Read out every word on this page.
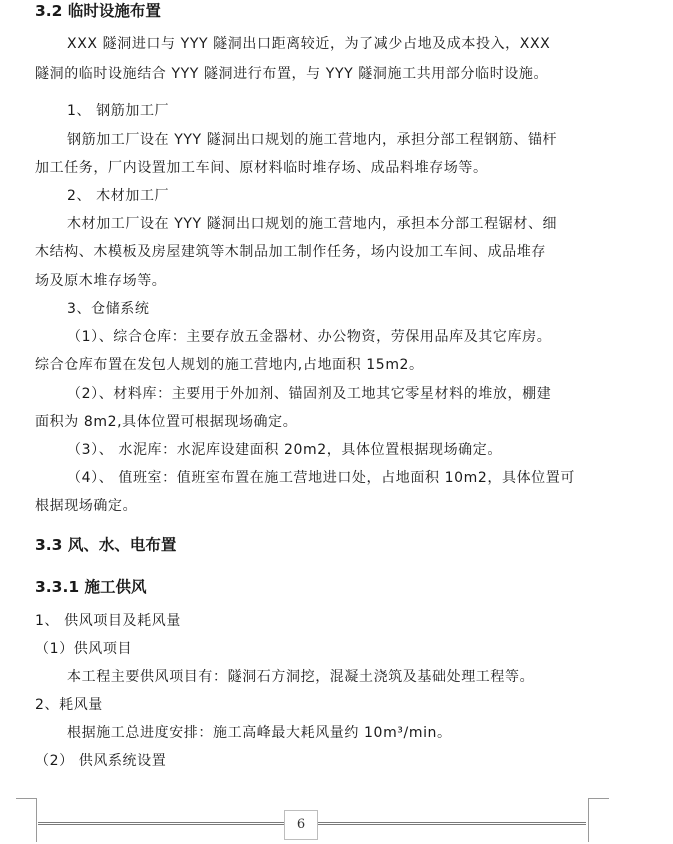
3.2 临时设施布置
XXX 隧洞进口与 YYY 隧洞出口距离较近，为了减少占地及成本投入，XXX
隧洞的临时设施结合 YYY 隧洞进行布置，与 YYY 隧洞施工共用部分临时设施。
1、 钢筋加工厂
钢筋加工厂设在 YYY 隧洞出口规划的施工营地内，承担分部工程钢筋、锚杆
加工任务，厂内设置加工车间、原材料临时堆存场、成品料堆存场等。
2、 木材加工厂
木材加工厂设在 YYY 隧洞出口规划的施工营地内，承担本分部工程锯材、细
木结构、木模板及房屋建筑等木制品加工制作任务，场内设加工车间、成品堆存
场及原木堆存场等。
3、仓储系统
（1）、综合仓库：主要存放五金器材、办公物资，劳保用品库及其它库房。
综合仓库布置在发包人规划的施工营地内,占地面积 15m2。
（2）、材料库：主要用于外加剂、锚固剂及工地其它零星材料的堆放，棚建
面积为 8m2,具体位置可根据现场确定。
（3）、 水泥库：水泥库设建面积 20m2，具体位置根据现场确定。
（4）、 值班室：值班室布置在施工营地进口处，占地面积 10m2，具体位置可
根据现场确定。
3.3 风、水、电布置
3.3.1 施工供风
1、 供风项目及耗风量
（1）供风项目
本工程主要供风项目有：隧洞石方洞挖，混凝土浇筑及基础处理工程等。
2、耗风量
根据施工总进度安排：施工高峰最大耗风量约 10m³/min。
（2） 供风系统设置
6
